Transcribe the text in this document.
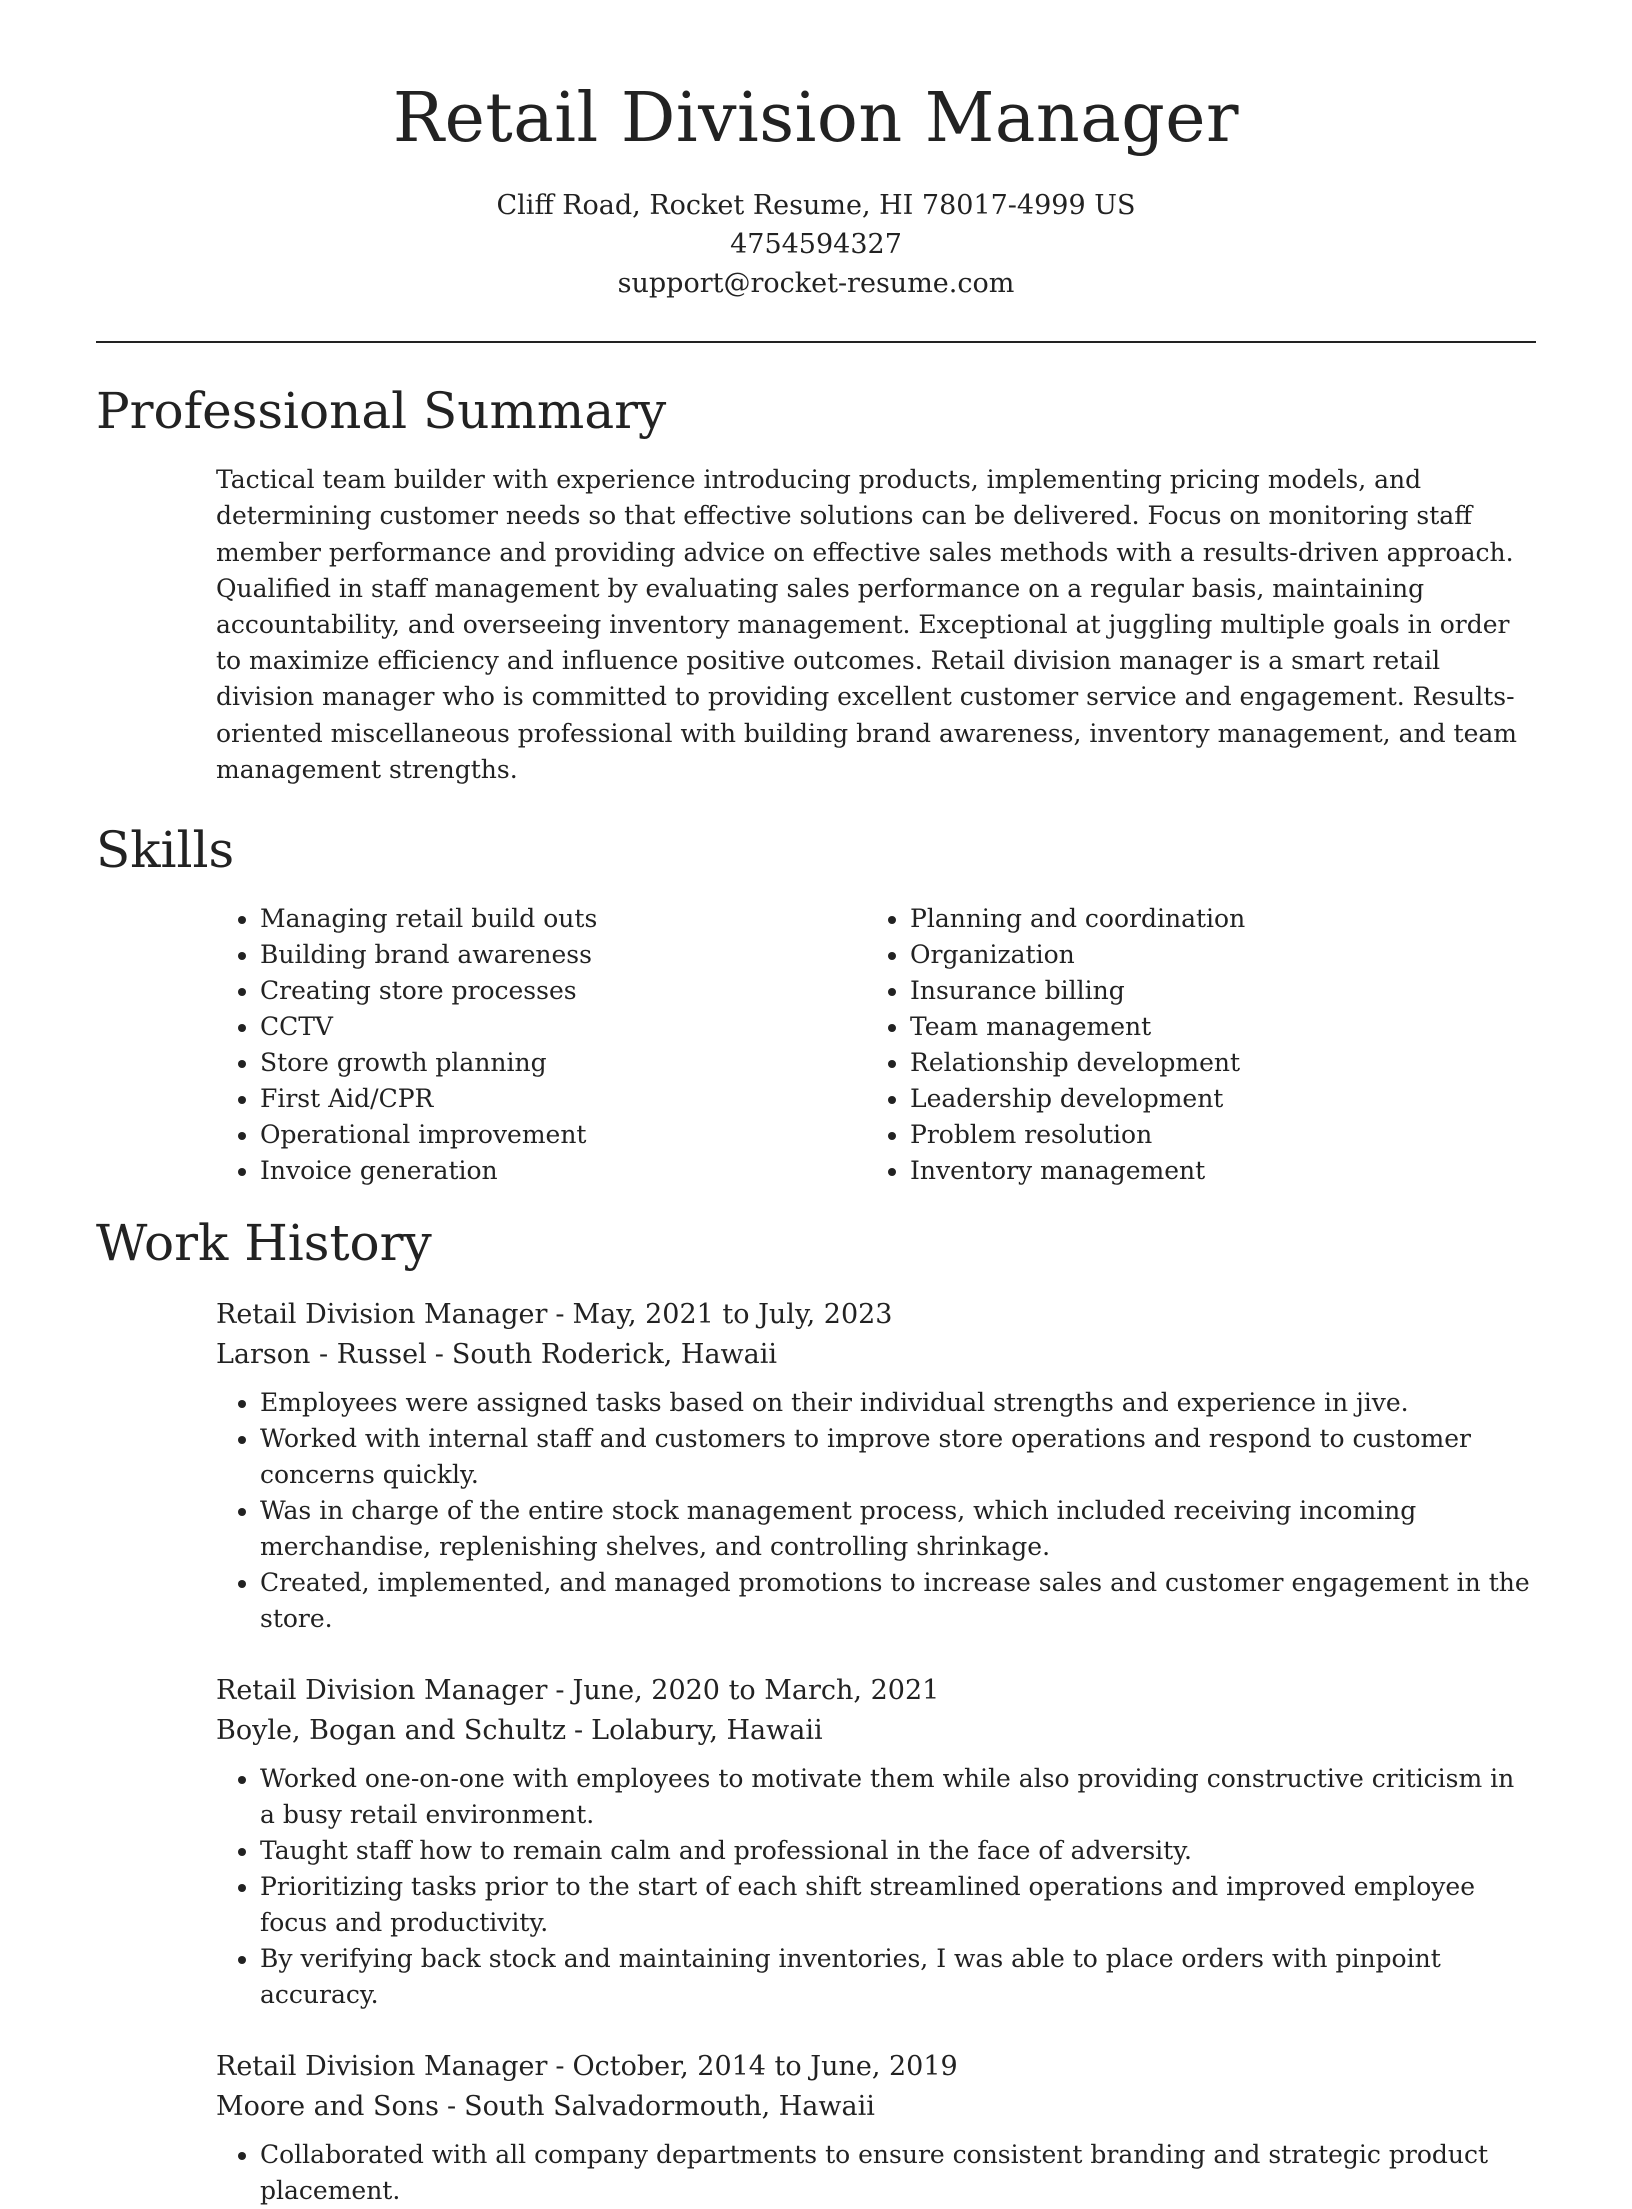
Retail Division Manager

Cliff Road, Rocket Resume, HI 78017-4999 US

4754594327

support@rocket-resume.com

Professional Summary

Tactical team builder with experience introducing products, implementing pricing models, and determining customer needs so that effective solutions can be delivered. Focus on monitoring staff member performance and providing advice on effective sales methods with a results-driven approach. Qualified in staff management by evaluating sales performance on a regular basis, maintaining accountability, and overseeing inventory management. Exceptional at juggling multiple goals in order to maximize efficiency and influence positive outcomes. Retail division manager is a smart retail division manager who is committed to providing excellent customer service and engagement. Results-oriented miscellaneous professional with building brand awareness, inventory management, and team management strengths.

Skills
• Managing retail build outs
• Building brand awareness
• Creating store processes
• CCTV
• Store growth planning
• First Aid/CPR
• Operational improvement
• Invoice generation
• Planning and coordination
• Organization
• Insurance billing
• Team management
• Relationship development
• Leadership development
• Problem resolution
• Inventory management
Work History

Retail Division Manager - May, 2021 to July, 2023

Larson - Russel - South Roderick, Hawaii

• Employees were assigned tasks based on their individual strengths and experience in jive.
• Worked with internal staff and customers to improve store operations and respond to customer concerns quickly.
• Was in charge of the entire stock management process, which included receiving incoming merchandise, replenishing shelves, and controlling shrinkage.
• Created, implemented, and managed promotions to increase sales and customer engagement in the store.

Retail Division Manager - June, 2020 to March, 2021

Boyle, Bogan and Schultz - Lolabury, Hawaii

• Worked one-on-one with employees to motivate them while also providing constructive criticism in a busy retail environment.
• Taught staff how to remain calm and professional in the face of adversity.
• Prioritizing tasks prior to the start of each shift streamlined operations and improved employee focus and productivity.
• By verifying back stock and maintaining inventories, I was able to place orders with pinpoint accuracy.

Retail Division Manager - October, 2014 to June, 2019

Moore and Sons - South Salvadormouth, Hawaii

• Collaborated with all company departments to ensure consistent branding and strategic product placement.
